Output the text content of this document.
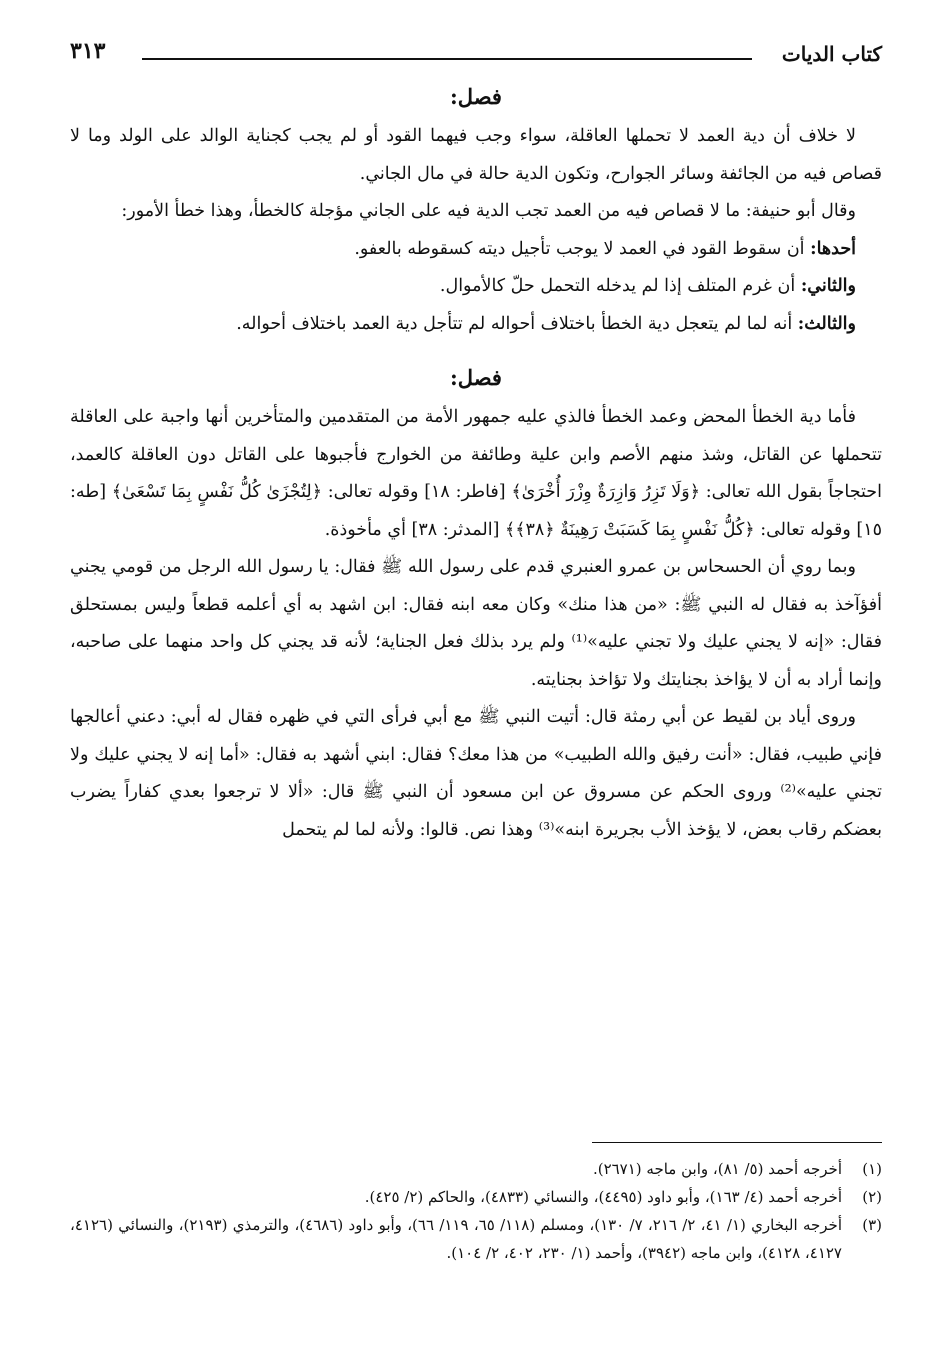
كتاب الديات
٣١٣
فصل:

لا خلاف أن دية العمد لا تحملها العاقلة، سواء وجب فيهما القود أو لم يجب كجناية الوالد على الولد وما لا قصاص فيه من الجائفة وسائر الجوارح، وتكون الدية حالة في مال الجاني.

وقال أبو حنيفة: ما لا قصاص فيه من العمد تجب الدية فيه على الجاني مؤجلة كالخطأ، وهذا خطأ الأمور:

أحدها: أن سقوط القود في العمد لا يوجب تأجيل ديته كسقوطه بالعفو.

والثاني: أن غرم المتلف إذا لم يدخله التحمل حلّ كالأموال.

والثالث: أنه لما لم يتعجل دية الخطأ باختلاف أحواله لم تتأجل دية العمد باختلاف أحواله.

فصل:

فأما دية الخطأ المحض وعمد الخطأ فالذي عليه جمهور الأمة من المتقدمين والمتأخرين أنها واجبة على العاقلة تتحملها عن القاتل، وشذ منهم الأصم وابن علية وطائفة من الخوارج فأجبوها على القاتل دون العاقلة كالعمد، احتجاجاً بقول الله تعالى: ﴿وَلَا تَزِرُ وَازِرَةٌ وِزْرَ أُخْرَىٰ﴾ [فاطر: ١٨] وقوله تعالى: ﴿لِتُجْزَىٰ كُلُّ نَفْسٍ بِمَا تَسْعَىٰ﴾ [طه: ١٥] وقوله تعالى: ﴿كُلُّ نَفْسٍ بِمَا كَسَبَتْ رَهِينَةٌ ﴿٣٨﴾﴾ [المدثر: ٣٨] أي مأخوذة.

وبما روي أن الحسحاس بن عمرو العنبري قدم على رسول الله ﷺ فقال: يا رسول الله الرجل من قومي يجني أفؤآخذ به فقال له النبي ﷺ: «من هذا منك» وكان معه ابنه فقال: ابن اشهد به أي أعلمه قطعاً وليس بمستحلق فقال: «إنه لا يجني عليك ولا تجني عليه»⁽¹⁾ ولم يرد بذلك فعل الجناية؛ لأنه قد يجني كل واحد منهما على صاحبه، وإنما أراد به أن لا يؤاخذ بجنايتك ولا تؤاخذ بجنايته.

وروى أياد بن لقيط عن أبي رمثة قال: أتيت النبي ﷺ مع أبي فرأى التي في ظهره فقال له أبي: دعني أعالجها فإني طبيب، فقال: «أنت رفيق والله الطبيب» من هذا معك؟ فقال: ابني أشهد به فقال: «أما إنه لا يجني عليك ولا تجني عليه»⁽²⁾ وروى الحكم عن مسروق عن ابن مسعود أن النبي ﷺ قال: «ألا لا ترجعوا بعدي كفاراً يضرب بعضكم رقاب بعض، لا يؤخذ الأب بجريرة ابنه»⁽³⁾ وهذا نص. قالوا: ولأنه لما لم يتحمل

(١)
أخرجه أحمد (٥/ ٨١)، وابن ماجه (٢٦٧١).
(٢)
أخرجه أحمد (٤/ ١٦٣)، وأبو داود (٤٤٩٥)، والنسائي (٤٨٣٣)، والحاكم (٢/ ٤٢٥).
(٣)
أخرجه البخاري (١/ ٤١، ٢/ ٢١٦، ٧/ ١٣٠)، ومسلم (١١٨/ ٦٥، ١١٩/ ٦٦)، وأبو داود (٤٦٨٦)، والترمذي (٢١٩٣)، والنسائي (٤١٢٦، ٤١٢٧، ٤١٢٨)، وابن ماجه (٣٩٤٢)، وأحمد (١/ ٢٣٠، ٤٠٢، ٢/ ١٠٤).
